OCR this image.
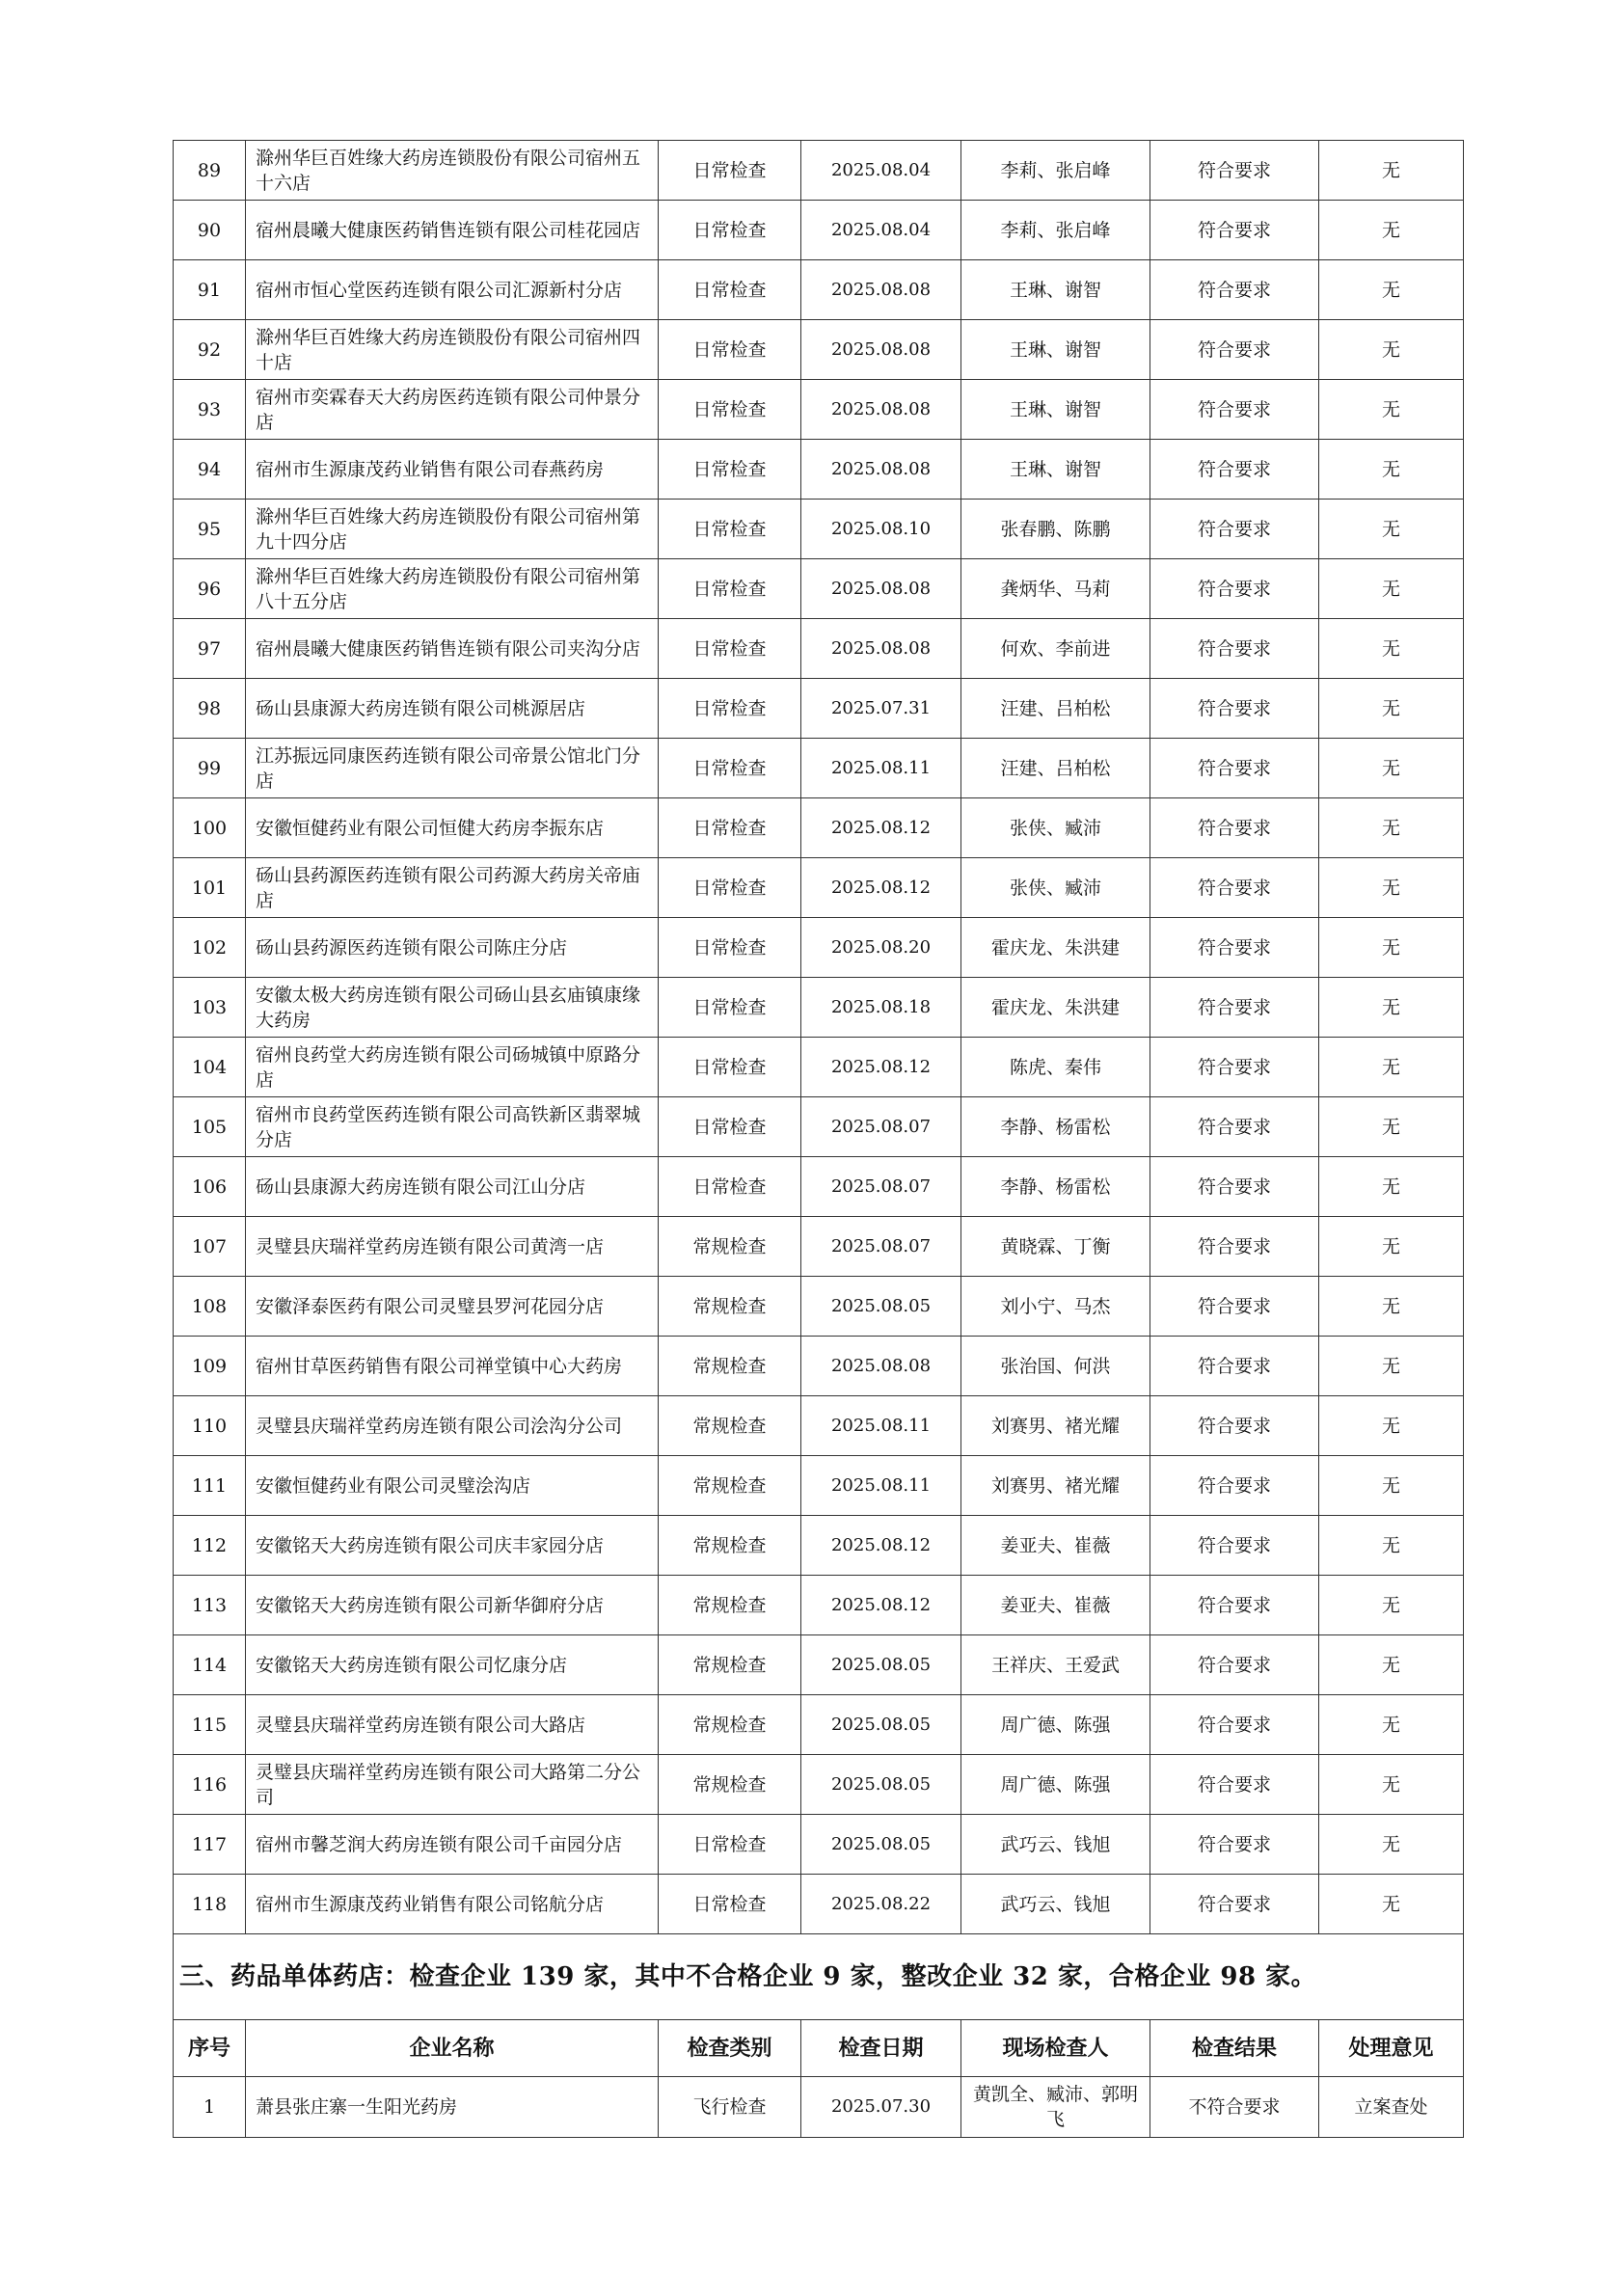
89	滁州华巨百姓缘大药房连锁股份有限公司宿州五十六店	日常检查	2025.08.04	李莉、张启峰	符合要求	无
90	宿州晨曦大健康医药销售连锁有限公司桂花园店	日常检查	2025.08.04	李莉、张启峰	符合要求	无
91	宿州市恒心堂医药连锁有限公司汇源新村分店	日常检查	2025.08.08	王琳、谢智	符合要求	无
92	滁州华巨百姓缘大药房连锁股份有限公司宿州四十店	日常检查	2025.08.08	王琳、谢智	符合要求	无
93	宿州市奕霖春天大药房医药连锁有限公司仲景分店	日常检查	2025.08.08	王琳、谢智	符合要求	无
94	宿州市生源康茂药业销售有限公司春燕药房	日常检查	2025.08.08	王琳、谢智	符合要求	无
95	滁州华巨百姓缘大药房连锁股份有限公司宿州第九十四分店	日常检查	2025.08.10	张春鹏、陈鹏	符合要求	无
96	滁州华巨百姓缘大药房连锁股份有限公司宿州第八十五分店	日常检查	2025.08.08	龚炳华、马莉	符合要求	无
97	宿州晨曦大健康医药销售连锁有限公司夹沟分店	日常检查	2025.08.08	何欢、李前进	符合要求	无
98	砀山县康源大药房连锁有限公司桃源居店	日常检查	2025.07.31	汪建、吕柏松	符合要求	无
99	江苏振远同康医药连锁有限公司帝景公馆北门分店	日常检查	2025.08.11	汪建、吕柏松	符合要求	无
100	安徽恒健药业有限公司恒健大药房李振东店	日常检查	2025.08.12	张侠、臧沛	符合要求	无
101	砀山县药源医药连锁有限公司药源大药房关帝庙店	日常检查	2025.08.12	张侠、臧沛	符合要求	无
102	砀山县药源医药连锁有限公司陈庄分店	日常检查	2025.08.20	霍庆龙、朱洪建	符合要求	无
103	安徽太极大药房连锁有限公司砀山县玄庙镇康缘大药房	日常检查	2025.08.18	霍庆龙、朱洪建	符合要求	无
104	宿州良药堂大药房连锁有限公司砀城镇中原路分店	日常检查	2025.08.12	陈虎、秦伟	符合要求	无
105	宿州市良药堂医药连锁有限公司高铁新区翡翠城分店	日常检查	2025.08.07	李静、杨雷松	符合要求	无
106	砀山县康源大药房连锁有限公司江山分店	日常检查	2025.08.07	李静、杨雷松	符合要求	无
107	灵璧县庆瑞祥堂药房连锁有限公司黄湾一店	常规检查	2025.08.07	黄晓霖、丁衡	符合要求	无
108	安徽泽泰医药有限公司灵璧县罗河花园分店	常规检查	2025.08.05	刘小宁、马杰	符合要求	无
109	宿州甘草医药销售有限公司禅堂镇中心大药房	常规检查	2025.08.08	张治国、何洪	符合要求	无
110	灵璧县庆瑞祥堂药房连锁有限公司浍沟分公司	常规检查	2025.08.11	刘赛男、褚光耀	符合要求	无
111	安徽恒健药业有限公司灵璧浍沟店	常规检查	2025.08.11	刘赛男、褚光耀	符合要求	无
112	安徽铭天大药房连锁有限公司庆丰家园分店	常规检查	2025.08.12	姜亚夫、崔薇	符合要求	无
113	安徽铭天大药房连锁有限公司新华御府分店	常规检查	2025.08.12	姜亚夫、崔薇	符合要求	无
114	安徽铭天大药房连锁有限公司忆康分店	常规检查	2025.08.05	王祥庆、王爱武	符合要求	无
115	灵璧县庆瑞祥堂药房连锁有限公司大路店	常规检查	2025.08.05	周广德、陈强	符合要求	无
116	灵璧县庆瑞祥堂药房连锁有限公司大路第二分公司	常规检查	2025.08.05	周广德、陈强	符合要求	无
117	宿州市馨芝润大药房连锁有限公司千亩园分店	日常检查	2025.08.05	武巧云、钱旭	符合要求	无
118	宿州市生源康茂药业销售有限公司铭航分店	日常检查	2025.08.22	武巧云、钱旭	符合要求	无
三、药品单体药店：检查企业 139 家，其中不合格企业 9 家，整改企业 32 家，合格企业 98 家。						
序号	企业名称	检查类别	检查日期	现场检查人	检查结果	处理意见
1	萧县张庄寨一生阳光药房	飞行检查	2025.07.30	黄凯全、臧沛、郭明飞	不符合要求	立案查处
